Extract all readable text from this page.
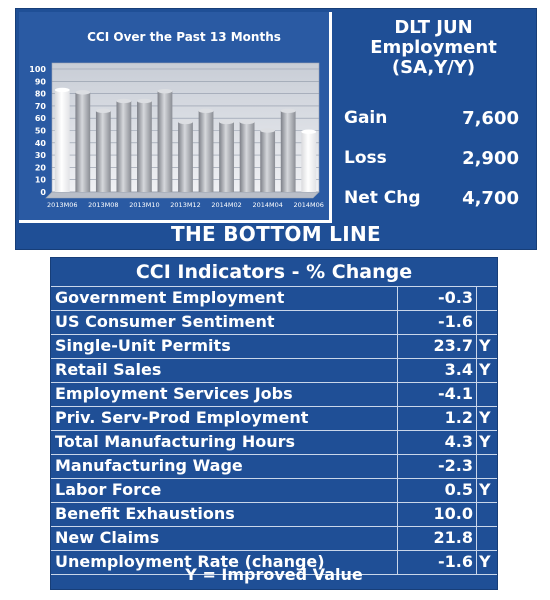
CCI Over the Past 13 Months
0
10
20
30
40
50
60
70
80
90
100
2013M06 2013M08 2013M10 2013M12 2014M02 2014M04 2014M06
DLT JUN
Employment
(SA,Y/Y)
Gain	7,600
Loss	2,900
Net Chg 4,700
THE BOTTOM LINE
CCI Indicators - % Change
Government Employment	-0.3
US Consumer Sentiment	-1.6
Single-Unit Permits	23.7 Y
Retail Sales	3.4 Y
Employment Services Jobs	-4.1
Priv. Serv-Prod Employment	1.2 Y
Total Manufacturing Hours	4.3 Y
Manufacturing Wage	-2.3
Labor Force	0.5 Y
Benefit Exhaustions	10.0
New Claims	21.8
Unemployment Rate (change)	-1.6 Y
Y = Improved Value
